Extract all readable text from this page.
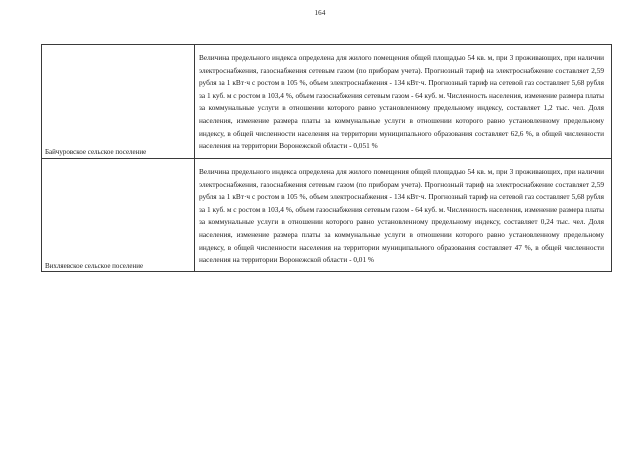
164
Байчуровское сельское поселение
Величина предельного индекса определена для жилого помещения общей площадью 54 кв. м, при 3 проживающих, при наличии электроснабжения, газоснабжения сетевым газом (по приборам учета). Прогнозный тариф на электроснабжение составляет 2,59 рубля за 1 кВт·ч с ростом в 105 %, объем электроснабжения - 134 кВт·ч. Прогнозный тариф на сетевой газ составляет 5,68 рубля за 1 куб. м с ростом в 103,4 %, объем газоснабжения сетевым газом - 64 куб. м. Численность населения, изменение размера платы за коммунальные услуги в отношении которого равно установленному предельному индексу, составляет 1,2 тыс. чел. Доля населения, изменение размера платы за коммунальные услуги в отношении которого равно установленному предельному индексу, в общей численности населения на территории муниципального образования составляет 62,6 %, в общей численности населения на территории Воронежской области - 0,051 %
Вихляевское сельское поселение
Величина предельного индекса определена для жилого помещения общей площадью 54 кв. м, при 3 проживающих, при наличии электроснабжения, газоснабжения сетевым газом (по приборам учета). Прогнозный тариф на электроснабжение составляет 2,59 рубля за 1 кВт·ч с ростом в 105 %, объем электроснабжения - 134 кВт·ч. Прогнозный тариф на сетевой газ составляет 5,68 рубля за 1 куб. м с ростом в 103,4 %, объем газоснабжения сетевым газом - 64 куб. м. Численность населения, изменение размера платы за коммунальные услуги в отношении которого равно установленному предельному индексу, составляет 0,24 тыс. чел. Доля населения, изменение размера платы за коммунальные услуги в отношении которого равно установленному предельному индексу, в общей численности населения на территории муниципального образования составляет 47 %, в общей численности населения на территории Воронежской области - 0,01 %
